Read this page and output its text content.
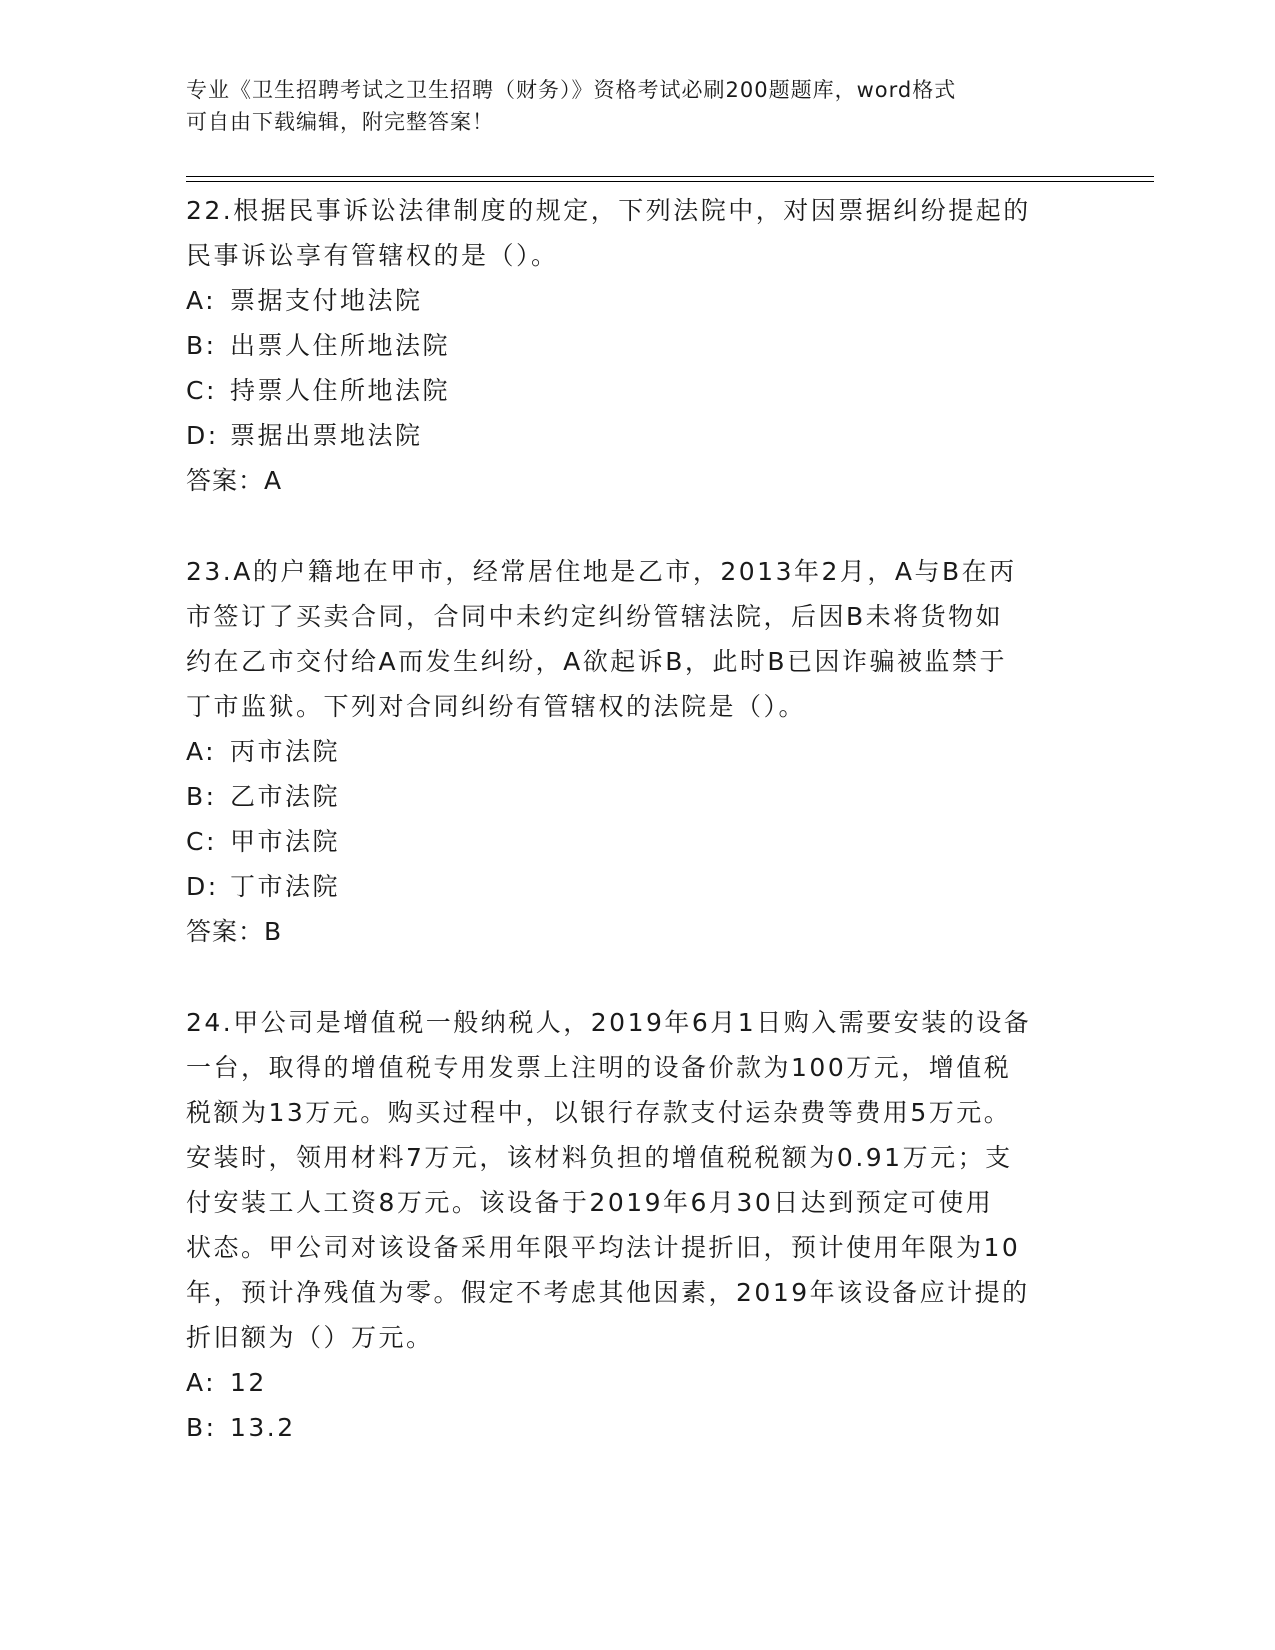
专业《卫生招聘考试之卫生招聘（财务）》资格考试必刷200题题库，word格式
可自由下载编辑，附完整答案！

22.根据民事诉讼法律制度的规定，下列法院中，对因票据纠纷提起的

民事诉讼享有管辖权的是（）。

A: 票据支付地法院

B: 出票人住所地法院

C: 持票人住所地法院

D: 票据出票地法院

答案：A

23.A的户籍地在甲市，经常居住地是乙市，2013年2月，A与B在丙

市签订了买卖合同，合同中未约定纠纷管辖法院，后因B未将货物如

约在乙市交付给A而发生纠纷，A欲起诉B，此时B已因诈骗被监禁于

丁市监狱。下列对合同纠纷有管辖权的法院是（）。

A: 丙市法院

B: 乙市法院

C: 甲市法院

D: 丁市法院

答案：B

24.甲公司是增值税一般纳税人，2019年6月1日购入需要安装的设备

一台，取得的增值税专用发票上注明的设备价款为100万元，增值税

税额为13万元。购买过程中，以银行存款支付运杂费等费用5万元。

安装时，领用材料7万元，该材料负担的增值税税额为0.91万元；支

付安装工人工资8万元。该设备于2019年6月30日达到预定可使用

状态。甲公司对该设备采用年限平均法计提折旧，预计使用年限为10

年，预计净残值为零。假定不考虑其他因素，2019年该设备应计提的

折旧额为（）万元。

A: 12

B: 13.2
